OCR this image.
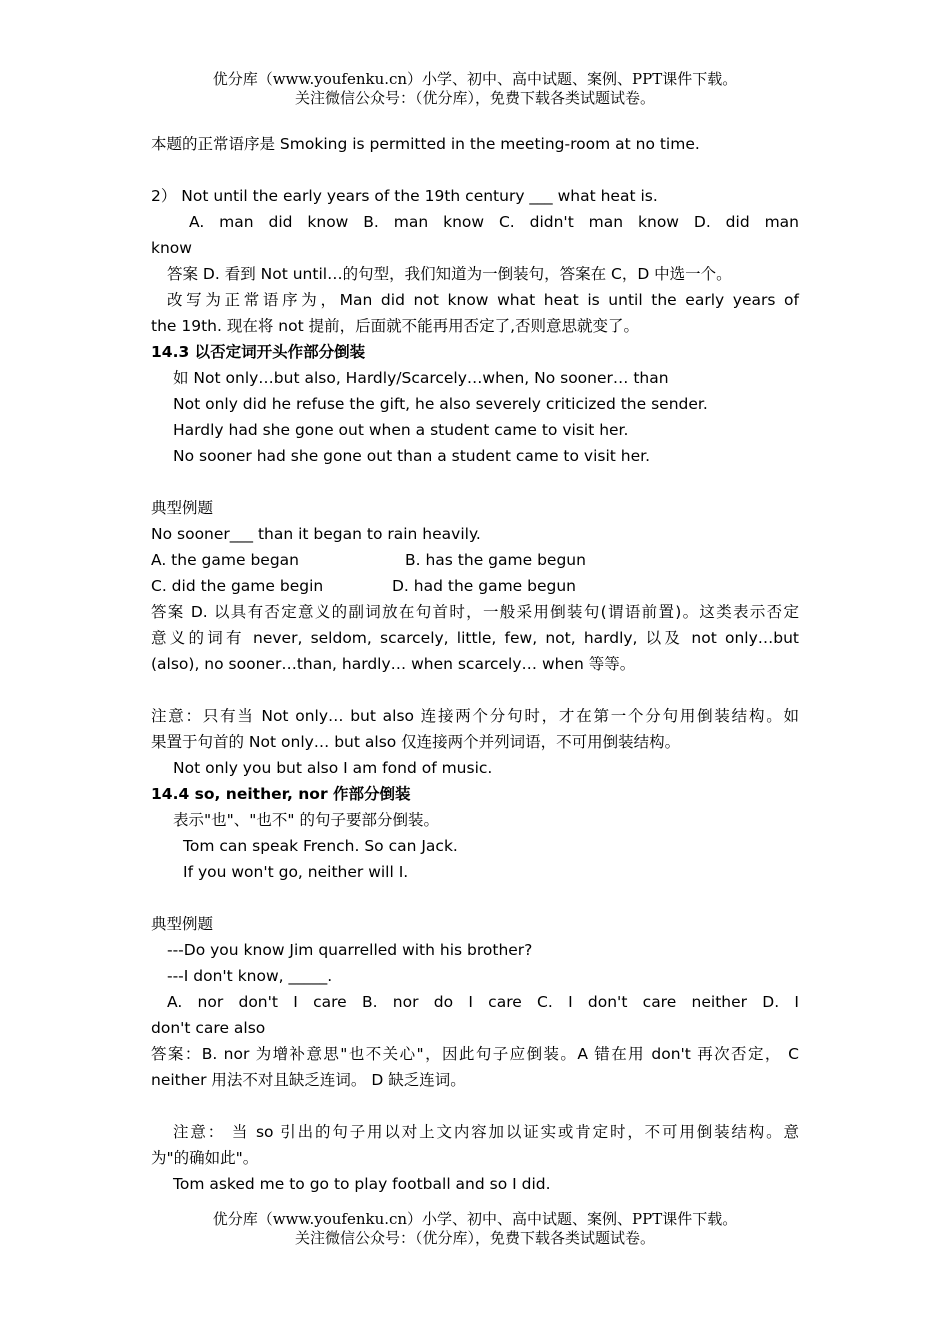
优分库（www.youfenku.cn）小学、初中、高中试题、案例、PPT课件下载。
关注微信公众号：（优分库），免费下载各类试题试卷。

本题的正常语序是 Smoking is permitted in the meeting-room at no time.

2） Not until the early years of the 19th century ___ what heat is.

A. man did know B. man know C. didn't man know D. did man

know

答案 D. 看到 Not until…的句型，我们知道为一倒装句，答案在 C，D 中选一个。

改写为正常语序为，Man did not know what heat is until the early years of

the 19th. 现在将 not 提前，后面就不能再用否定了,否则意思就变了。

14.3 以否定词开头作部分倒装

如 Not only…but also, Hardly/Scarcely…when, No sooner… than

Not only did he refuse the gift, he also severely criticized the sender.

Hardly had she gone out when a student came to visit her.

No sooner had she gone out than a student came to visit her.

典型例题

No sooner___ than it began to rain heavily.

A. the game began	B. has the game begun

C. did the game begin	D. had the game begun

答案 D. 以具有否定意义的副词放在句首时，一般采用倒装句(谓语前置)。这类表示否定

意义的词有 never, seldom, scarcely, little, few, not, hardly, 以及 not only…but

(also), no sooner…than, hardly… when scarcely… when 等等。

注意：只有当 Not only… but also 连接两个分句时，才在第一个分句用倒装结构。如

果置于句首的 Not only… but also 仅连接两个并列词语，不可用倒装结构。

Not only you but also I am fond of music.

14.4 so, neither, nor 作部分倒装

表示"也"、"也不" 的句子要部分倒装。

Tom can speak French. So can Jack.

If you won't go, neither will I.

典型例题

---Do you know Jim quarrelled with his brother?

---I don't know, _____.

A. nor don't I care B. nor do I care C. I don't care neither D. I

don't care also

答案：B. nor 为增补意思"也不关心"，因此句子应倒装。A 错在用 don't 再次否定， C

neither 用法不对且缺乏连词。 D 缺乏连词。

注意： 当 so 引出的句子用以对上文内容加以证实或肯定时，不可用倒装结构。意

为"的确如此"。

Tom asked me to go to play football and so I did.

优分库（www.youfenku.cn）小学、初中、高中试题、案例、PPT课件下载。
关注微信公众号：（优分库），免费下载各类试题试卷。
